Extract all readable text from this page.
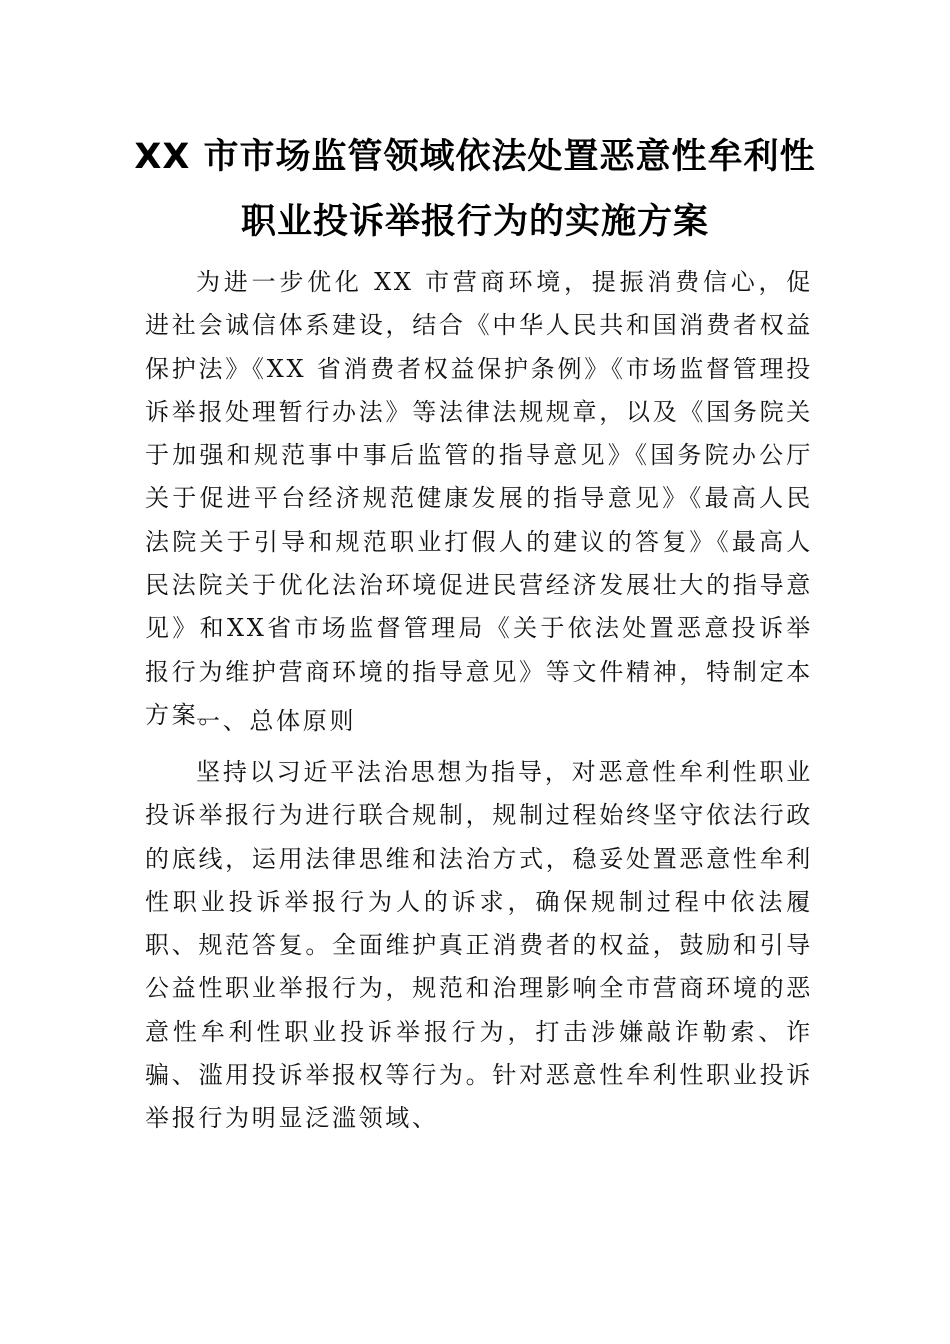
XX 市市场监管领域依法处置恶意性牟利性
职业投诉举报行为的实施方案

为进一步优化 XX 市营商环境，提振消费信心，促进社会诚信体系建设，结合《中华人民共和国消费者权益保护法》《XX 省消费者权益保护条例》《市场监督管理投诉举报处理暂行办法》等法律法规规章，以及《国务院关于加强和规范事中事后监管的指导意见》《国务院办公厅关于促进平台经济规范健康发展的指导意见》《最高人民法院关于引导和规范职业打假人的建议的答复》《最高人民法院关于优化法治环境促进民营经济发展壮大的指导意见》和XX省市场监督管理局《关于依法处置恶意投诉举报行为维护营商环境的指导意见》等文件精神，特制定本方案。

一、总体原则

坚持以习近平法治思想为指导，对恶意性牟利性职业投诉举报行为进行联合规制，规制过程始终坚守依法行政的底线，运用法律思维和法治方式，稳妥处置恶意性牟利性职业投诉举报行为人的诉求，确保规制过程中依法履职、规范答复。全面维护真正消费者的权益，鼓励和引导公益性职业举报行为，规范和治理影响全市营商环境的恶意性牟利性职业投诉举报行为，打击涉嫌敲诈勒索、诈骗、滥用投诉举报权等行为。针对恶意性牟利性职业投诉举报行为明显泛滥领域、
